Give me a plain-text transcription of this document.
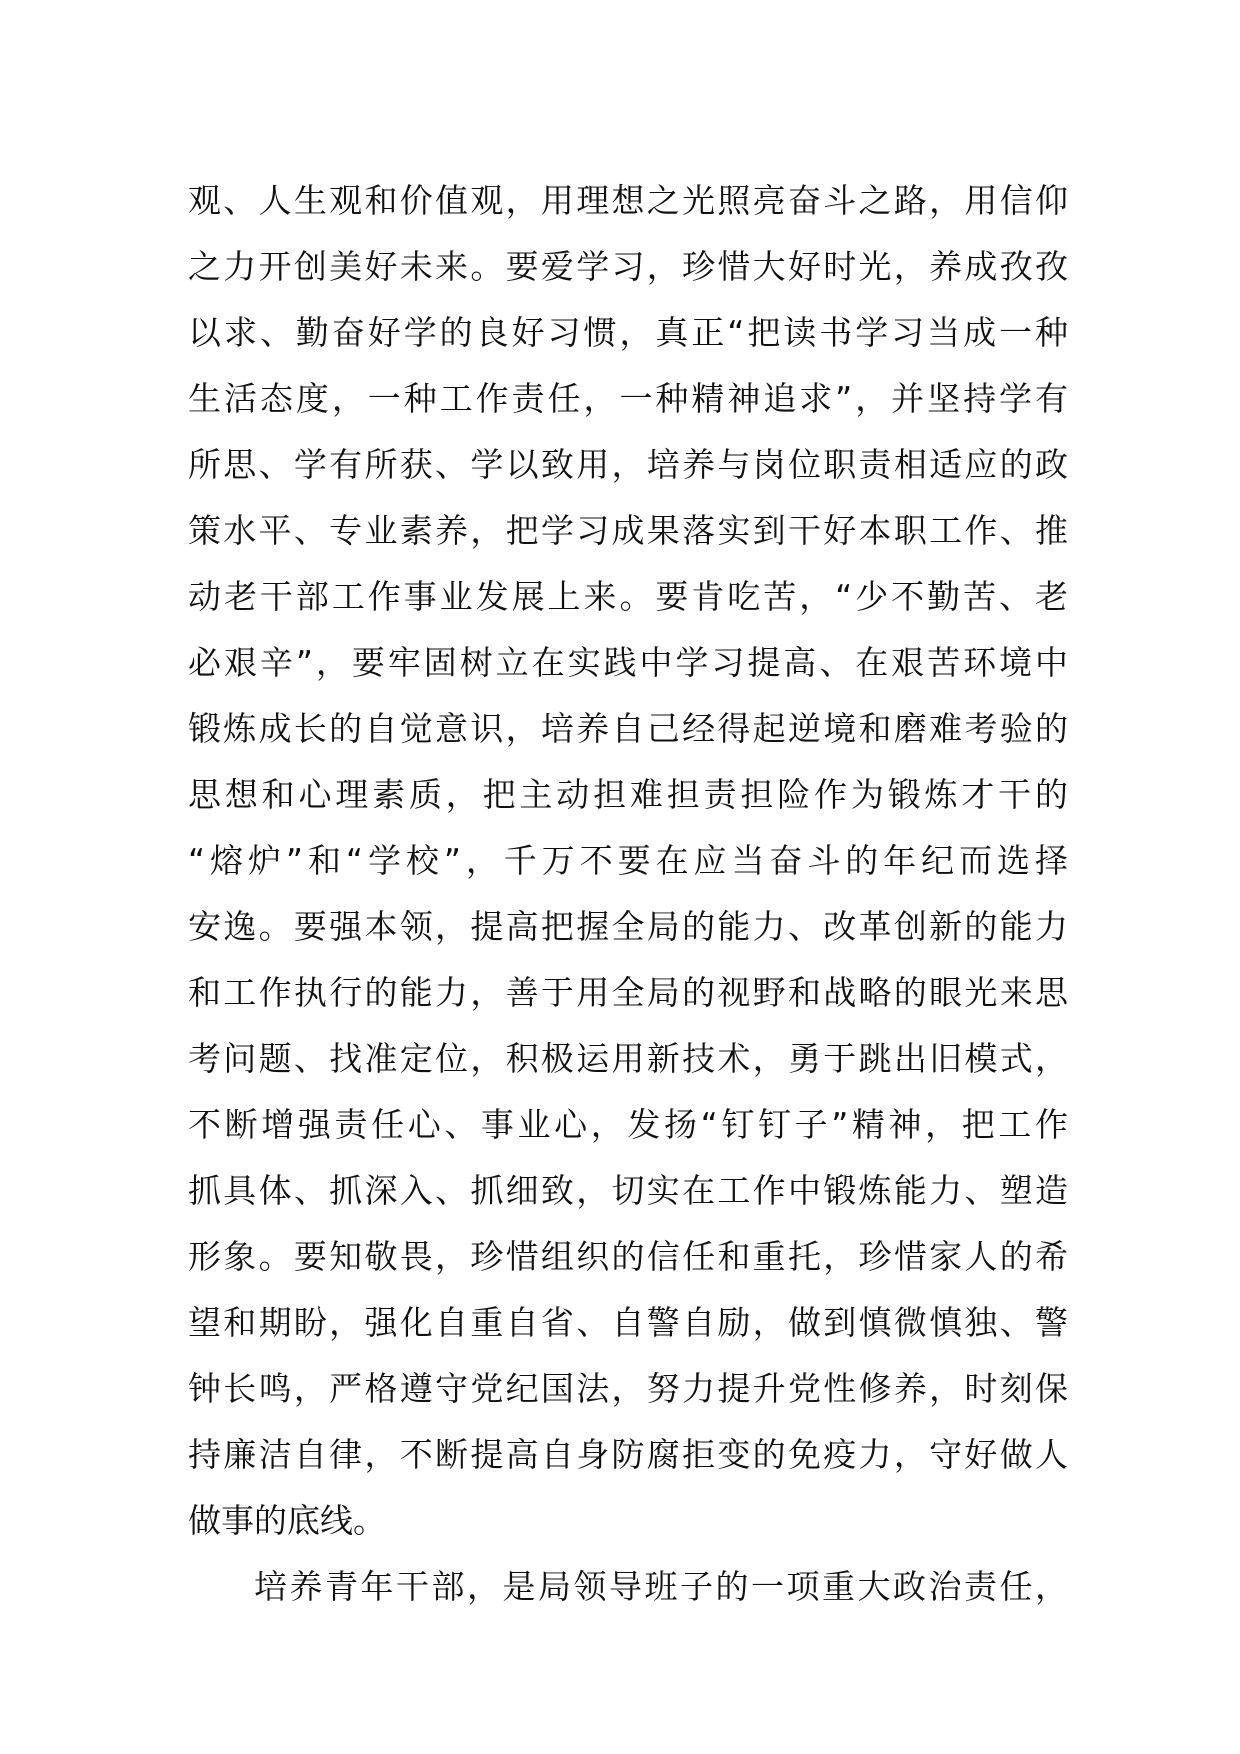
观、人生观和价值观，用理想之光照亮奋斗之路，用信仰
之力开创美好未来。要爱学习，珍惜大好时光，养成孜孜
以求、勤奋好学的良好习惯，真正“把读书学习当成一种
生活态度，一种工作责任，一种精神追求”，并坚持学有
所思、学有所获、学以致用，培养与岗位职责相适应的政
策水平、专业素养，把学习成果落实到干好本职工作、推
动老干部工作事业发展上来。要肯吃苦，“少不勤苦、老
必艰辛”，要牢固树立在实践中学习提高、在艰苦环境中
锻炼成长的自觉意识，培养自己经得起逆境和磨难考验的
思想和心理素质，把主动担难担责担险作为锻炼才干的
“熔炉”和“学校”，千万不要在应当奋斗的年纪而选择
安逸。要强本领，提高把握全局的能力、改革创新的能力
和工作执行的能力，善于用全局的视野和战略的眼光来思
考问题、找准定位，积极运用新技术，勇于跳出旧模式，
不断增强责任心、事业心，发扬“钉钉子”精神，把工作
抓具体、抓深入、抓细致，切实在工作中锻炼能力、塑造
形象。要知敬畏，珍惜组织的信任和重托，珍惜家人的希
望和期盼，强化自重自省、自警自励，做到慎微慎独、警
钟长鸣，严格遵守党纪国法，努力提升党性修养，时刻保
持廉洁自律，不断提高自身防腐拒变的免疫力，守好做人
做事的底线。
培养青年干部，是局领导班子的一项重大政治责任，
